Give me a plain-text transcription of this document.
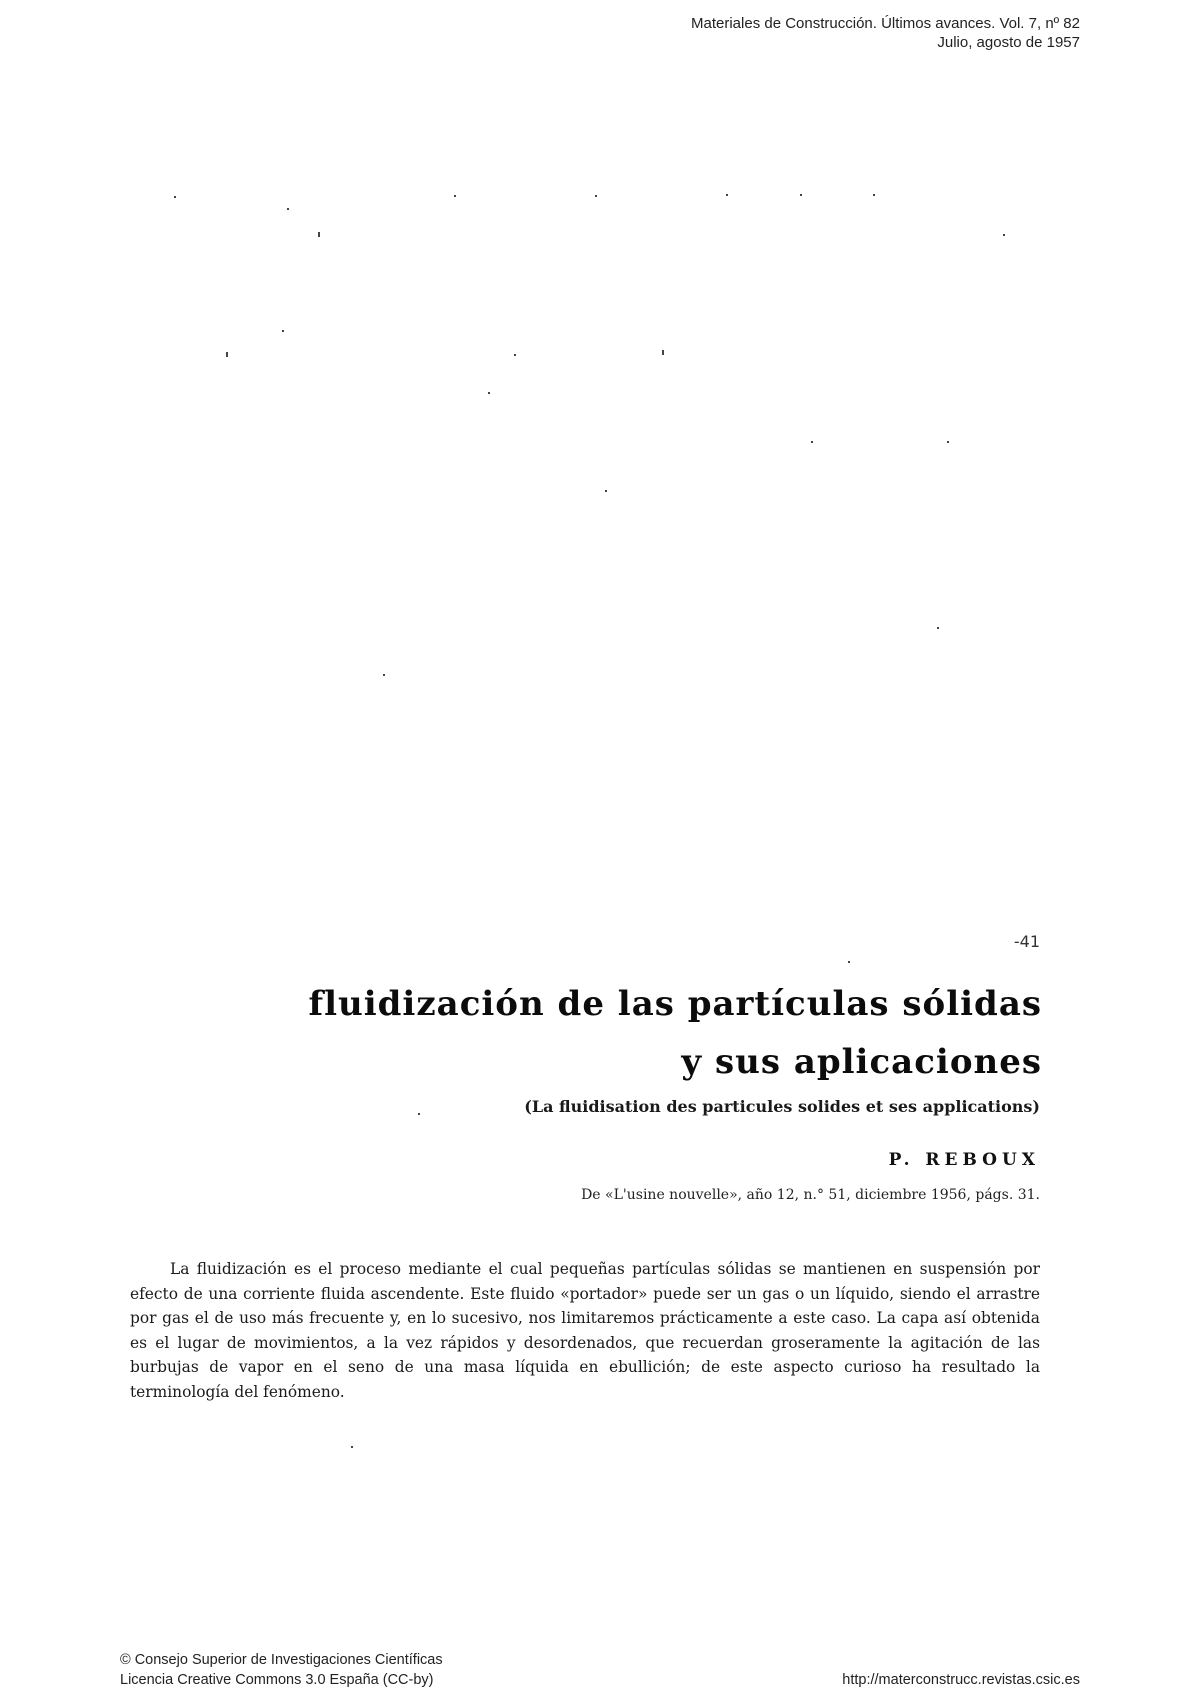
Materiales de Construcción. Últimos avances. Vol. 7, nº 82
Julio, agosto de 1957
-41
fluidización de las partículas sólidas
y sus aplicaciones
(La fluidisation des particules solides et ses applications)
P. REBOUX
De «L'usine nouvelle», año 12, n.° 51, diciembre 1956, págs. 31.

La fluidización es el proceso mediante el cual pequeñas partículas sólidas se mantienen en suspensión por efecto de una corriente fluida ascendente. Este fluido «portador» puede ser un gas o un líquido, siendo el arrastre por gas el de uso más frecuente y, en lo sucesivo, nos limitaremos prácticamente a este caso. La capa así obtenida es el lugar de movimientos, a la vez rápidos y desordenados, que recuerdan groseramente la agitación de las burbujas de vapor en el seno de una masa líquida en ebullición; de este aspecto curioso ha resultado la terminología del fenómeno.

© Consejo Superior de Investigaciones Científicas
Licencia Creative Commons 3.0 España (CC-by)	http://materconstrucc.revistas.csic.es
